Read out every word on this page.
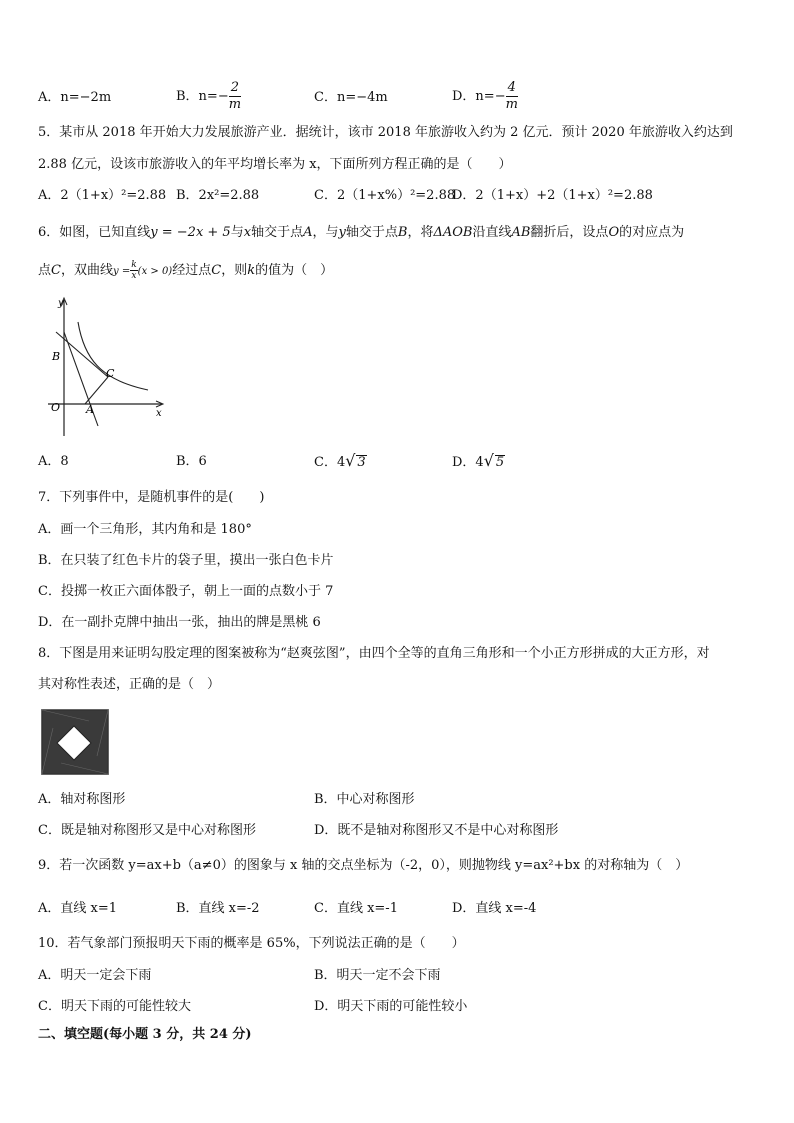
A．n=−2m	B．$n=- \frac{2}{m}$	C．n=−4m	D．$n=- \frac{4}{m}$
5．某市从 2018 年开始大力发展旅游产业．据统计，该市 2018 年旅游收入约为 2 亿元．预计 2020 年旅游收入约达到
2.88 亿元，设该市旅游收入的年平均增长率为 x，下面所列方程正确的是（　　）
A．2（1+x）²=2.88 B．2x²=2.88	C．2（1+x%）²=2.88
D．2（1+x）+2（1+x）²=2.88
6．如图，已知直线y = −2x + 5与x轴交于点A，与y轴交于点B，将ΔAOB沿直线AB翻折后，设点O的对应点为
点C，双曲线$y = \frac{k}{x} (x > 0)$经过点C，则k的值为（　）
y
x
B
C
O A
A．8	B．6	C．4√ 3	D．4√ 5
7．下列事件中，是随机事件的是(　　)
A．画一个三角形，其内角和是 180°
B．在只装了红色卡片的袋子里，摸出一张白色卡片
C．投掷一枚正六面体骰子，朝上一面的点数小于 7
D．在一副扑克牌中抽出一张，抽出的牌是黑桃 6
8．下图是用来证明勾股定理的图案被称为“赵爽弦图”，由四个全等的直角三角形和一个小正方形拼成的大正方形，对
其对称性表述，正确的是（　）
A．轴对称图形	B．中心对称图形
C．既是轴对称图形又是中心对称图形	D．既不是轴对称图形又不是中心对称图形
9．若一次函数 y=ax+b（a≠0）的图象与 x 轴的交点坐标为（-2，0），则抛物线 y=ax²+bx 的对称轴为（　）
A．直线 x=1	B．直线 x=-2	C．直线 x=-1	D．直线 x=-4
10．若气象部门预报明天下雨的概率是 65%，下列说法正确的是（　　）
A．明天一定会下雨	B．明天一定不会下雨
C．明天下雨的可能性较大	D．明天下雨的可能性较小
二、填空题(每小题 3 分，共 24 分)
